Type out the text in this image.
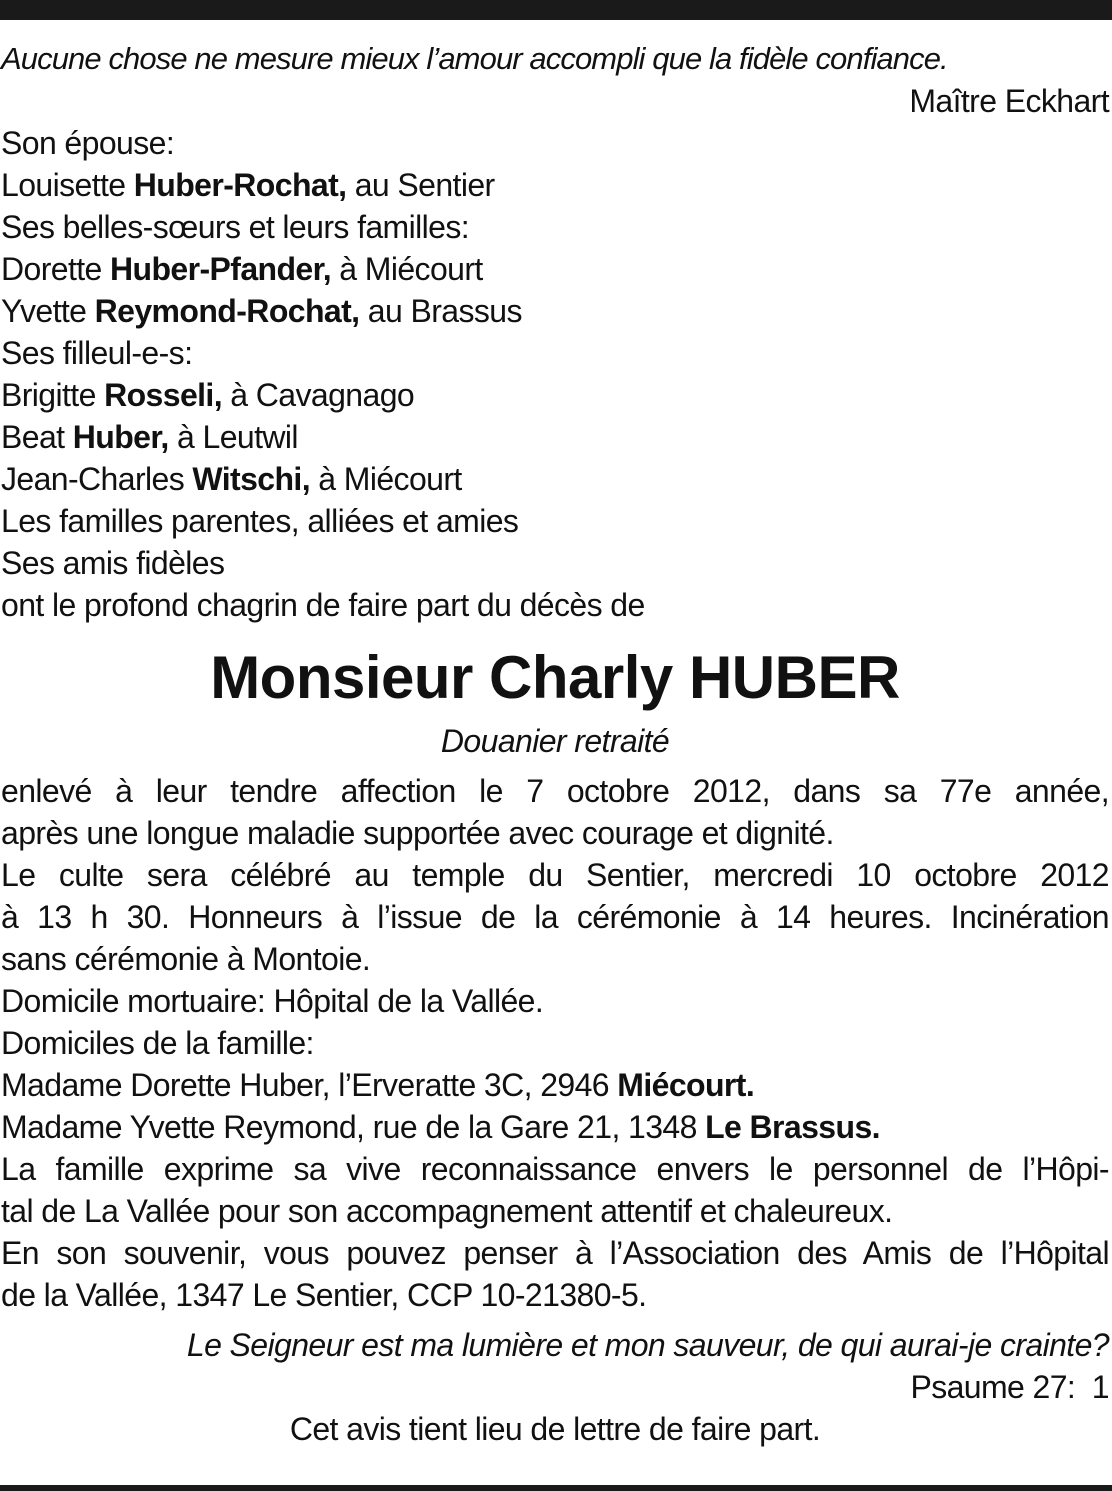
Aucune chose ne mesure mieux l’amour accompli que la fidèle confiance.
Maître Eckhart
Son épouse:
Louisette Huber-Rochat, au Sentier
Ses belles-sœurs et leurs familles:
Dorette Huber-Pfander, à Miécourt
Yvette Reymond-Rochat, au Brassus
Ses filleul-e-s:
Brigitte Rosseli, à Cavagnago
Beat Huber, à Leutwil
Jean-Charles Witschi, à Miécourt
Les familles parentes, alliées et amies
Ses amis fidèles
ont le profond chagrin de faire part du décès de
Monsieur Charly HUBER
Douanier retraité
enlevé à leur tendre affection le 7 octobre 2012, dans sa 77e année,
après une longue maladie supportée avec courage et dignité.
Le culte sera célébré au temple du Sentier, mercredi 10 octobre 2012
à 13 h 30. Honneurs à l’issue de la cérémonie à 14 heures. Incinération
sans cérémonie à Montoie.
Domicile mortuaire: Hôpital de la Vallée.
Domiciles de la famille:
Madame Dorette Huber, l’Erveratte 3C, 2946 Miécourt.
Madame Yvette Reymond, rue de la Gare 21, 1348 Le Brassus.
La famille exprime sa vive reconnaissance envers le personnel de l’Hôpi-
tal de La Vallée pour son accompagnement attentif et chaleureux.
En son souvenir, vous pouvez penser à l’Association des Amis de l’Hôpital
de la Vallée, 1347 Le Sentier, CCP 10-21380-5.
Le Seigneur est ma lumière et mon sauveur, de qui aurai-je crainte?
Psaume 27:  1
Cet avis tient lieu de lettre de faire part.
